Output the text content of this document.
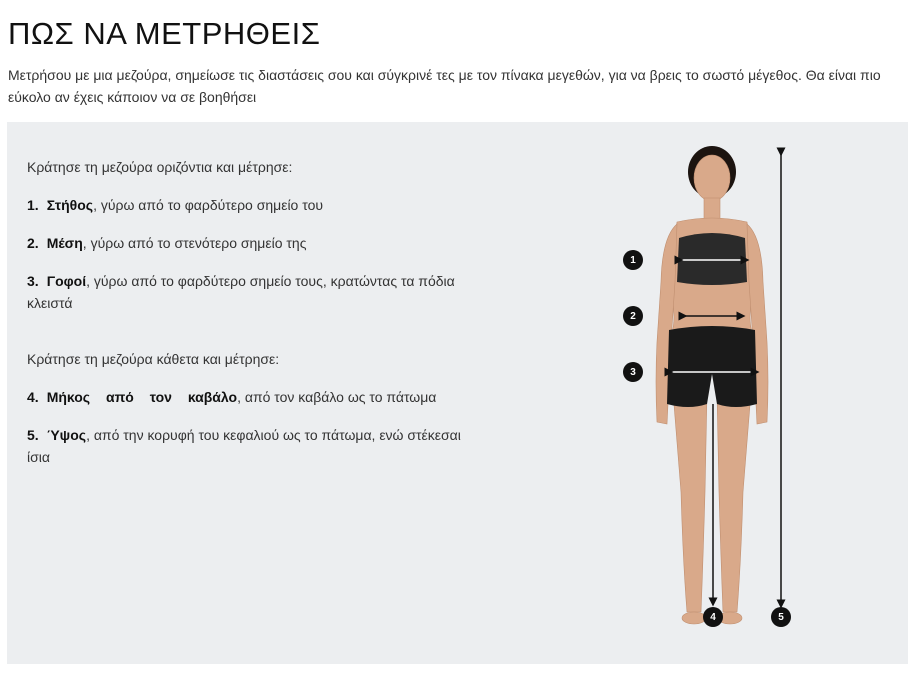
ΠΩΣ ΝΑ ΜΕΤΡΗΘΕΙΣ

Μετρήσου με μια μεζούρα, σημείωσε τις διαστάσεις σου και σύγκρινέ τες με τον πίνακα μεγεθών, για να βρεις το σωστό μέγεθος. Θα είναι πιο εύκολο αν έχεις κάποιον να σε βοηθήσει

Κράτησε τη μεζούρα οριζόντια και μέτρησε:

1. Στήθος, γύρω από το φαρδύτερο σημείο του

2. Μέση, γύρω από το στενότερο σημείο της

3. Γοφοί, γύρω από το φαρδύτερο σημείο τους, κρατώντας τα πόδια κλειστά

Κράτησε τη μεζούρα κάθετα και μέτρησε:

4. Μήκος από τον καβάλο, από τον καβάλο ως το πάτωμα

5. Ύψος, από την κορυφή του κεφαλιού ως το πάτωμα, ενώ στέκεσαι ίσια

1
2
3
4	5
